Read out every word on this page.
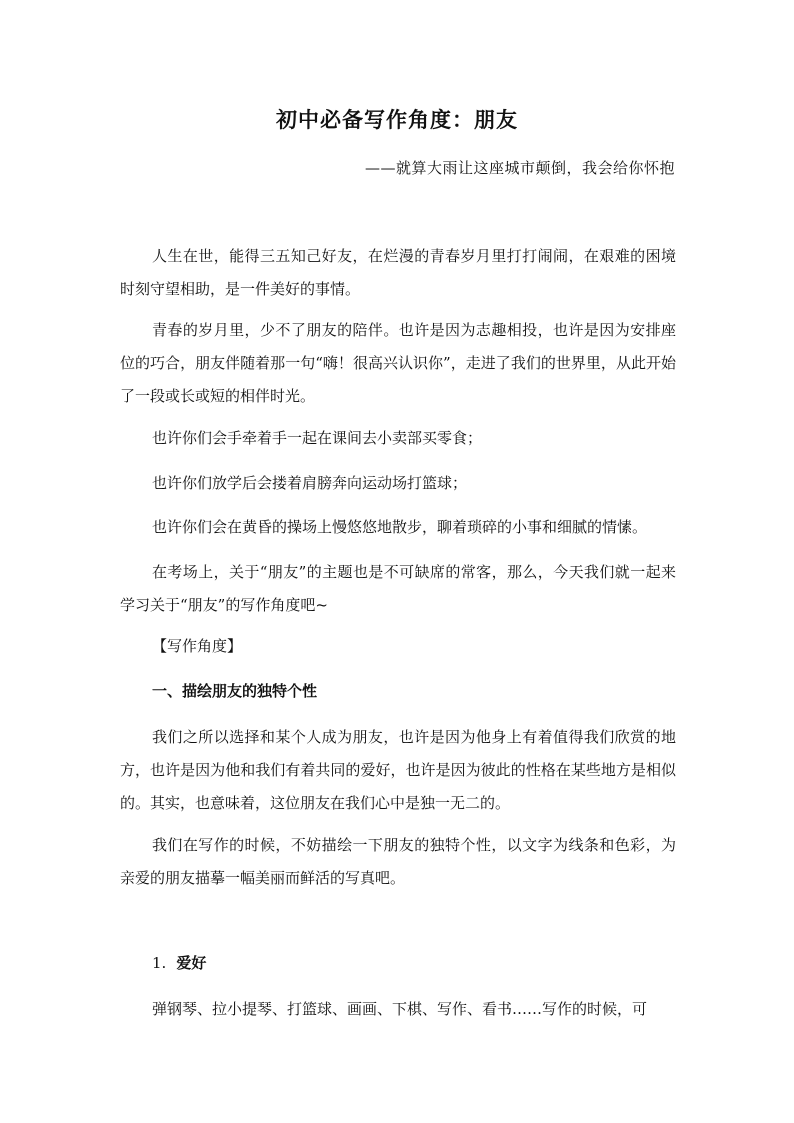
初中必备写作角度：朋友
——就算大雨让这座城市颠倒，我会给你怀抱

人生在世，能得三五知己好友，在烂漫的青春岁月里打打闹闹，在艰难的困境时刻守望相助，是一件美好的事情。

青春的岁月里，少不了朋友的陪伴。也许是因为志趣相投，也许是因为安排座位的巧合，朋友伴随着那一句“嗨！很高兴认识你”，走进了我们的世界里，从此开始了一段或长或短的相伴时光。

也许你们会手牵着手一起在课间去小卖部买零食；

也许你们放学后会搂着肩膀奔向运动场打篮球；

也许你们会在黄昏的操场上慢悠悠地散步，聊着琐碎的小事和细腻的情愫。

在考场上，关于“朋友”的主题也是不可缺席的常客，那么，今天我们就一起来学习关于“朋友”的写作角度吧~

【写作角度】

一、描绘朋友的独特个性

我们之所以选择和某个人成为朋友，也许是因为他身上有着值得我们欣赏的地方，也许是因为他和我们有着共同的爱好，也许是因为彼此的性格在某些地方是相似的。其实，也意味着，这位朋友在我们心中是独一无二的。

我们在写作的时候，不妨描绘一下朋友的独特个性，以文字为线条和色彩，为亲爱的朋友描摹一幅美丽而鲜活的写真吧。

1. 爱好

弹钢琴、拉小提琴、打篮球、画画、下棋、写作、看书……写作的时候，可
